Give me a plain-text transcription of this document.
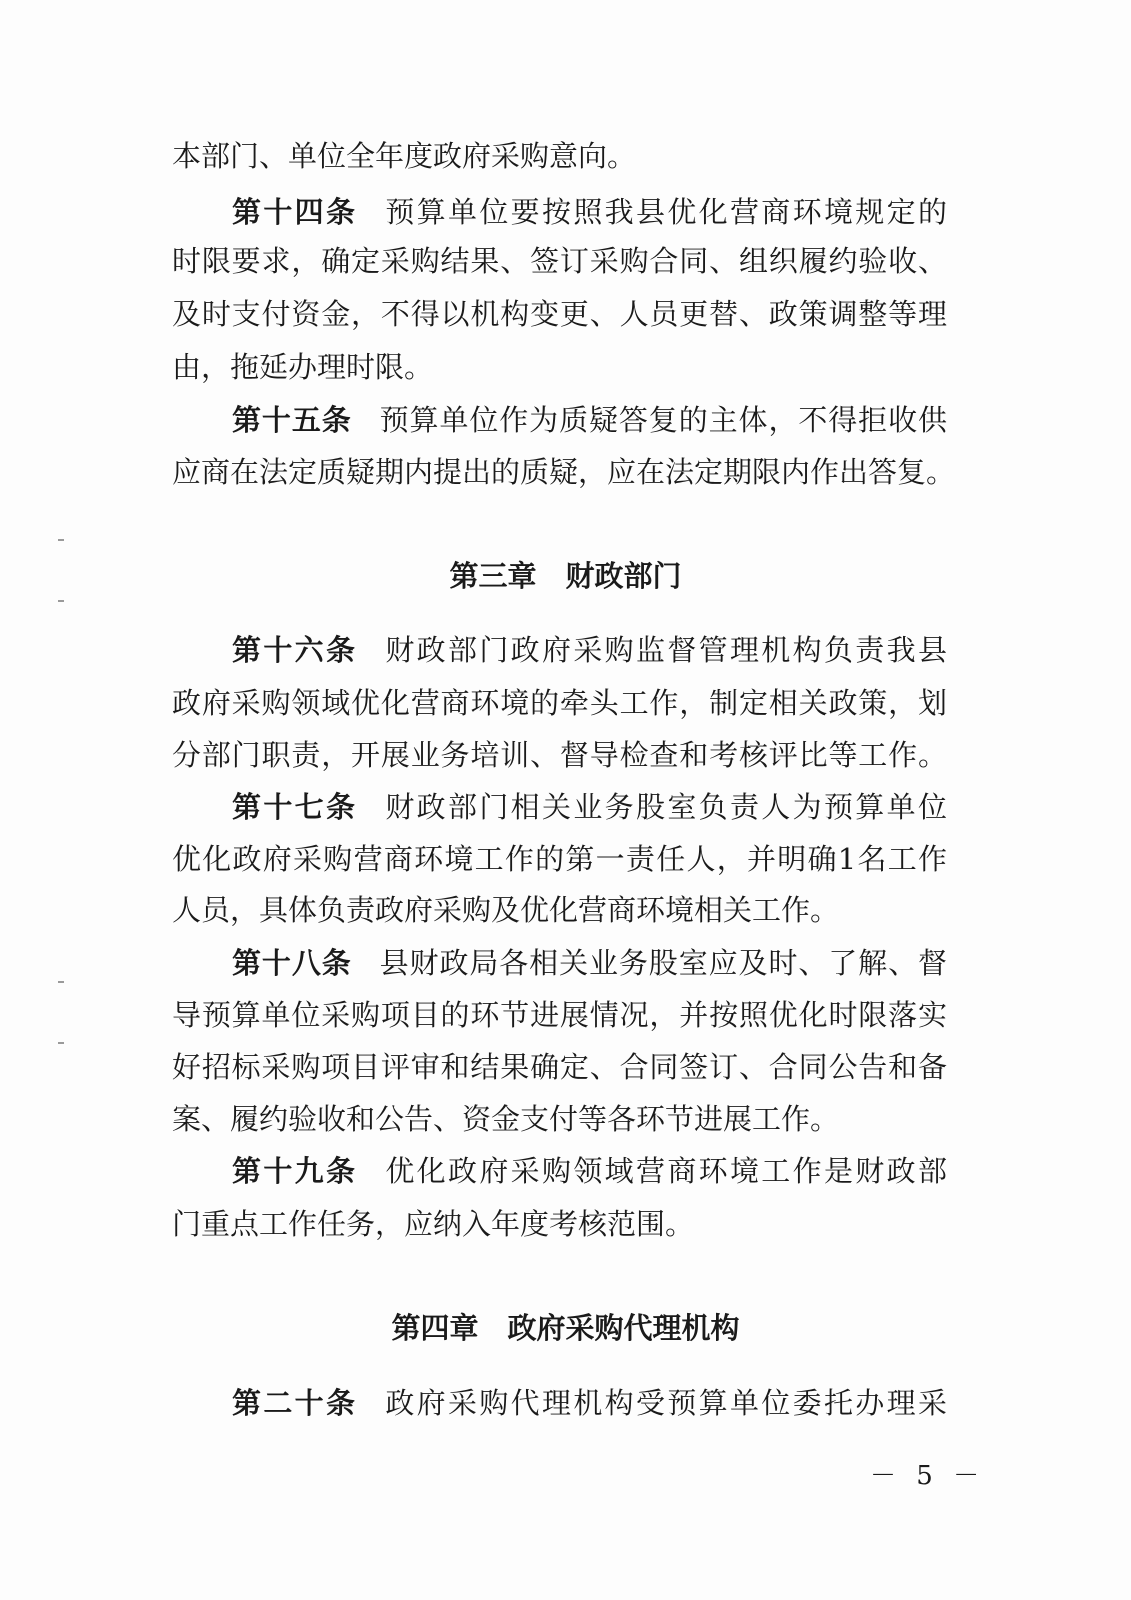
本部门、单位全年度政府采购意向。
第十四条 预算单位要按照我县优化营商环境规定的
时限要求，确定采购结果、签订采购合同、组织履约验收、
及时支付资金，不得以机构变更、人员更替、政策调整等理
由，拖延办理时限。
第十五条 预算单位作为质疑答复的主体，不得拒收供
应商在法定质疑期内提出的质疑，应在法定期限内作出答复。
第三章　财政部门
第十六条 财政部门政府采购监督管理机构负责我县
政府采购领域优化营商环境的牵头工作，制定相关政策，划
分部门职责，开展业务培训、督导检查和考核评比等工作。
第十七条 财政部门相关业务股室负责人为预算单位
优化政府采购营商环境工作的第一责任人，并明确1名工作
人员，具体负责政府采购及优化营商环境相关工作。
第十八条 县财政局各相关业务股室应及时、了解、督
导预算单位采购项目的环节进展情况，并按照优化时限落实
好招标采购项目评审和结果确定、合同签订、合同公告和备
案、履约验收和公告、资金支付等各环节进展工作。
第十九条 优化政府采购领域营商环境工作是财政部
门重点工作任务，应纳入年度考核范围。
第四章　政府采购代理机构
第二十条 政府采购代理机构受预算单位委托办理采
－ 5 －
